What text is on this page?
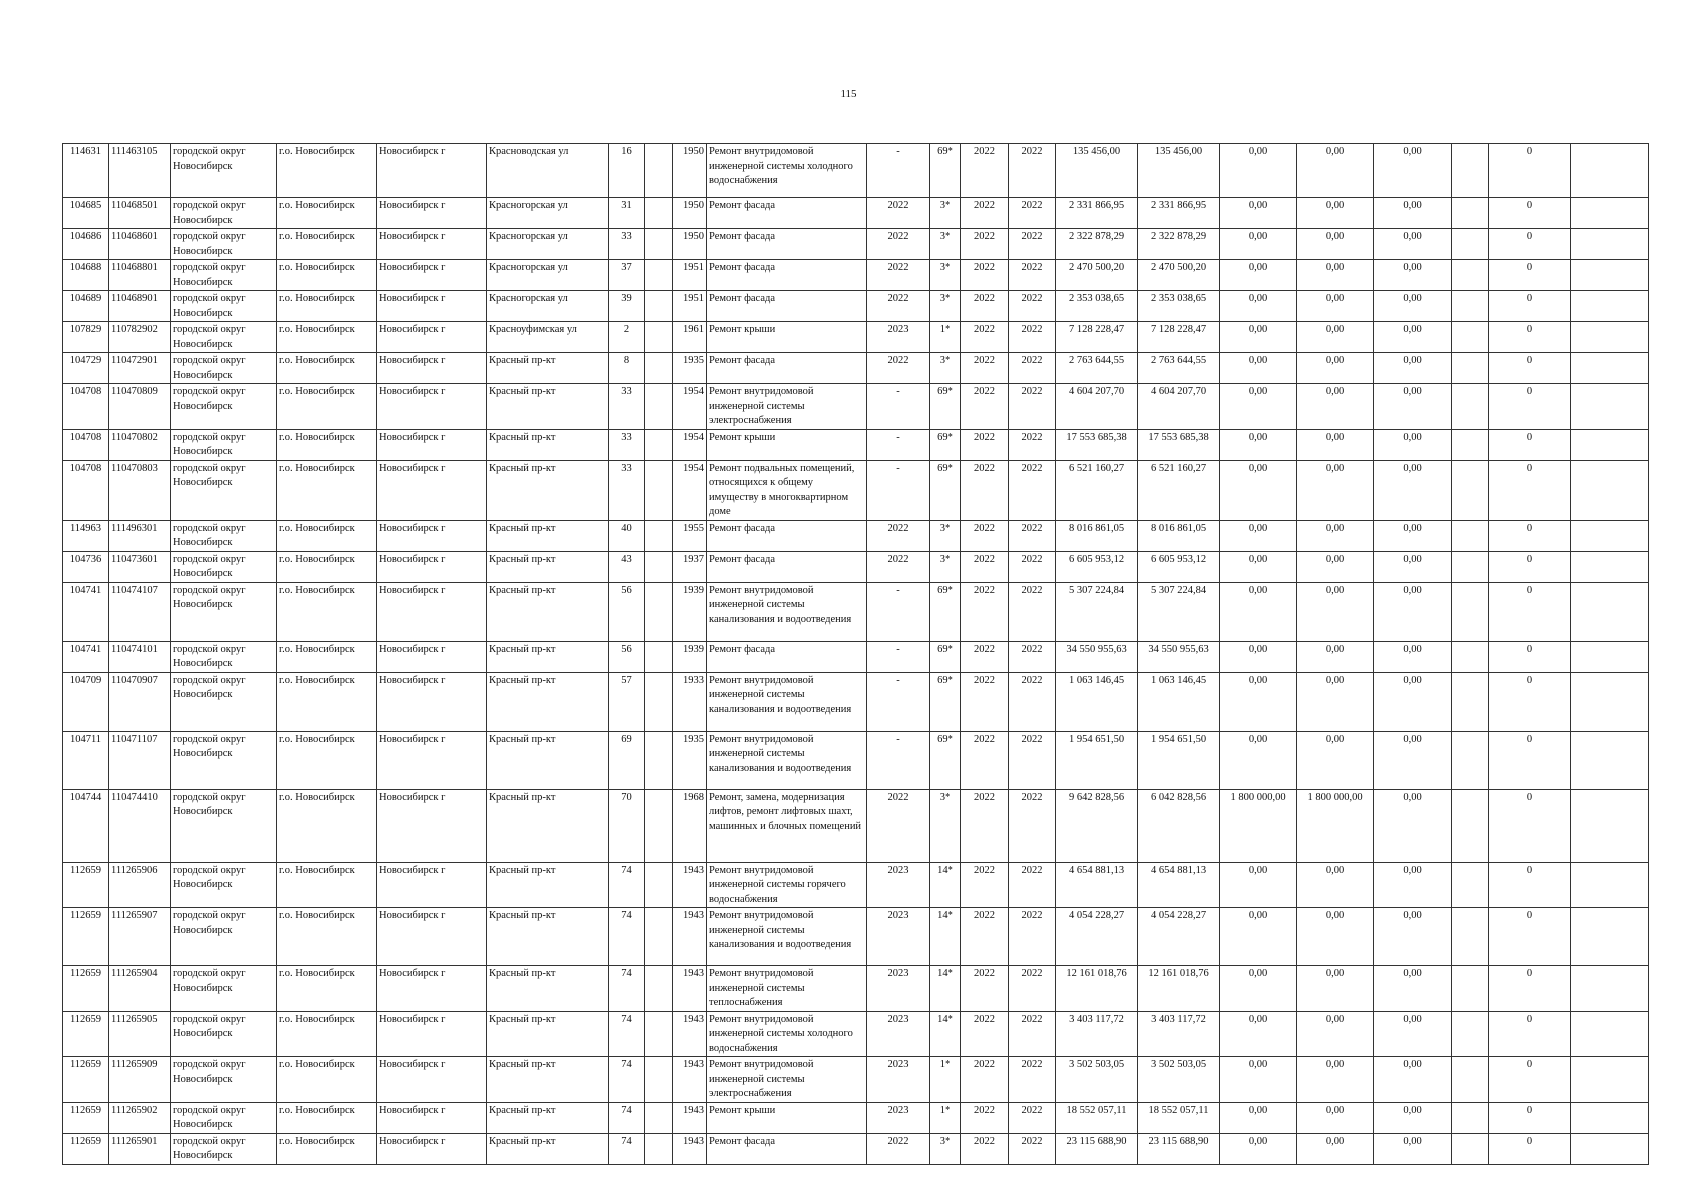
115
114631	111463105	городской округ Новосибирск	г.о. Новосибирск	Новосибирск г	Красноводская ул	16		1950	Ремонт внутридомовой инженерной системы холодного водоснабжения	-	69*	2022	2022	135 456,00	135 456,00	0,00	0,00	0,00		0	
104685	110468501	городской округ Новосибирск	г.о. Новосибирск	Новосибирск г	Красногорская ул	31		1950	Ремонт фасада	2022	3*	2022	2022	2 331 866,95	2 331 866,95	0,00	0,00	0,00		0	
104686	110468601	городской округ Новосибирск	г.о. Новосибирск	Новосибирск г	Красногорская ул	33		1950	Ремонт фасада	2022	3*	2022	2022	2 322 878,29	2 322 878,29	0,00	0,00	0,00		0	
104688	110468801	городской округ Новосибирск	г.о. Новосибирск	Новосибирск г	Красногорская ул	37		1951	Ремонт фасада	2022	3*	2022	2022	2 470 500,20	2 470 500,20	0,00	0,00	0,00		0	
104689	110468901	городской округ Новосибирск	г.о. Новосибирск	Новосибирск г	Красногорская ул	39		1951	Ремонт фасада	2022	3*	2022	2022	2 353 038,65	2 353 038,65	0,00	0,00	0,00		0	
107829	110782902	городской округ Новосибирск	г.о. Новосибирск	Новосибирск г	Красноуфимская ул	2		1961	Ремонт крыши	2023	1*	2022	2022	7 128 228,47	7 128 228,47	0,00	0,00	0,00		0	
104729	110472901	городской округ Новосибирск	г.о. Новосибирск	Новосибирск г	Красный пр-кт	8		1935	Ремонт фасада	2022	3*	2022	2022	2 763 644,55	2 763 644,55	0,00	0,00	0,00		0	
104708	110470809	городской округ Новосибирск	г.о. Новосибирск	Новосибирск г	Красный пр-кт	33		1954	Ремонт внутридомовой инженерной системы электроснабжения	-	69*	2022	2022	4 604 207,70	4 604 207,70	0,00	0,00	0,00		0	
104708	110470802	городской округ Новосибирск	г.о. Новосибирск	Новосибирск г	Красный пр-кт	33		1954	Ремонт крыши	-	69*	2022	2022	17 553 685,38	17 553 685,38	0,00	0,00	0,00		0	
104708	110470803	городской округ Новосибирск	г.о. Новосибирск	Новосибирск г	Красный пр-кт	33		1954	Ремонт подвальных помещений, относящихся к общему имуществу в многоквартирном доме	-	69*	2022	2022	6 521 160,27	6 521 160,27	0,00	0,00	0,00		0	
114963	111496301	городской округ Новосибирск	г.о. Новосибирск	Новосибирск г	Красный пр-кт	40		1955	Ремонт фасада	2022	3*	2022	2022	8 016 861,05	8 016 861,05	0,00	0,00	0,00		0	
104736	110473601	городской округ Новосибирск	г.о. Новосибирск	Новосибирск г	Красный пр-кт	43		1937	Ремонт фасада	2022	3*	2022	2022	6 605 953,12	6 605 953,12	0,00	0,00	0,00		0	
104741	110474107	городской округ Новосибирск	г.о. Новосибирск	Новосибирск г	Красный пр-кт	56		1939	Ремонт внутридомовой инженерной системы канализования и водоотведения	-	69*	2022	2022	5 307 224,84	5 307 224,84	0,00	0,00	0,00		0	
104741	110474101	городской округ Новосибирск	г.о. Новосибирск	Новосибирск г	Красный пр-кт	56		1939	Ремонт фасада	-	69*	2022	2022	34 550 955,63	34 550 955,63	0,00	0,00	0,00		0	
104709	110470907	городской округ Новосибирск	г.о. Новосибирск	Новосибирск г	Красный пр-кт	57		1933	Ремонт внутридомовой инженерной системы канализования и водоотведения	-	69*	2022	2022	1 063 146,45	1 063 146,45	0,00	0,00	0,00		0	
104711	110471107	городской округ Новосибирск	г.о. Новосибирск	Новосибирск г	Красный пр-кт	69		1935	Ремонт внутридомовой инженерной системы канализования и водоотведения	-	69*	2022	2022	1 954 651,50	1 954 651,50	0,00	0,00	0,00		0	
104744	110474410	городской округ Новосибирск	г.о. Новосибирск	Новосибирск г	Красный пр-кт	70		1968	Ремонт, замена, модернизация лифтов, ремонт лифтовых шахт, машинных и блочных помещений	2022	3*	2022	2022	9 642 828,56	6 042 828,56	1 800 000,00	1 800 000,00	0,00		0	
112659	111265906	городской округ Новосибирск	г.о. Новосибирск	Новосибирск г	Красный пр-кт	74		1943	Ремонт внутридомовой инженерной системы горячего водоснабжения	2023	14*	2022	2022	4 654 881,13	4 654 881,13	0,00	0,00	0,00		0	
112659	111265907	городской округ Новосибирск	г.о. Новосибирск	Новосибирск г	Красный пр-кт	74		1943	Ремонт внутридомовой инженерной системы канализования и водоотведения	2023	14*	2022	2022	4 054 228,27	4 054 228,27	0,00	0,00	0,00		0	
112659	111265904	городской округ Новосибирск	г.о. Новосибирск	Новосибирск г	Красный пр-кт	74		1943	Ремонт внутридомовой инженерной системы теплоснабжения	2023	14*	2022	2022	12 161 018,76	12 161 018,76	0,00	0,00	0,00		0	
112659	111265905	городской округ Новосибирск	г.о. Новосибирск	Новосибирск г	Красный пр-кт	74		1943	Ремонт внутридомовой инженерной системы холодного водоснабжения	2023	14*	2022	2022	3 403 117,72	3 403 117,72	0,00	0,00	0,00		0	
112659	111265909	городской округ Новосибирск	г.о. Новосибирск	Новосибирск г	Красный пр-кт	74		1943	Ремонт внутридомовой инженерной системы электроснабжения	2023	1*	2022	2022	3 502 503,05	3 502 503,05	0,00	0,00	0,00		0	
112659	111265902	городской округ Новосибирск	г.о. Новосибирск	Новосибирск г	Красный пр-кт	74		1943	Ремонт крыши	2023	1*	2022	2022	18 552 057,11	18 552 057,11	0,00	0,00	0,00		0	
112659	111265901	городской округ Новосибирск	г.о. Новосибирск	Новосибирск г	Красный пр-кт	74		1943	Ремонт фасада	2022	3*	2022	2022	23 115 688,90	23 115 688,90	0,00	0,00	0,00		0	
